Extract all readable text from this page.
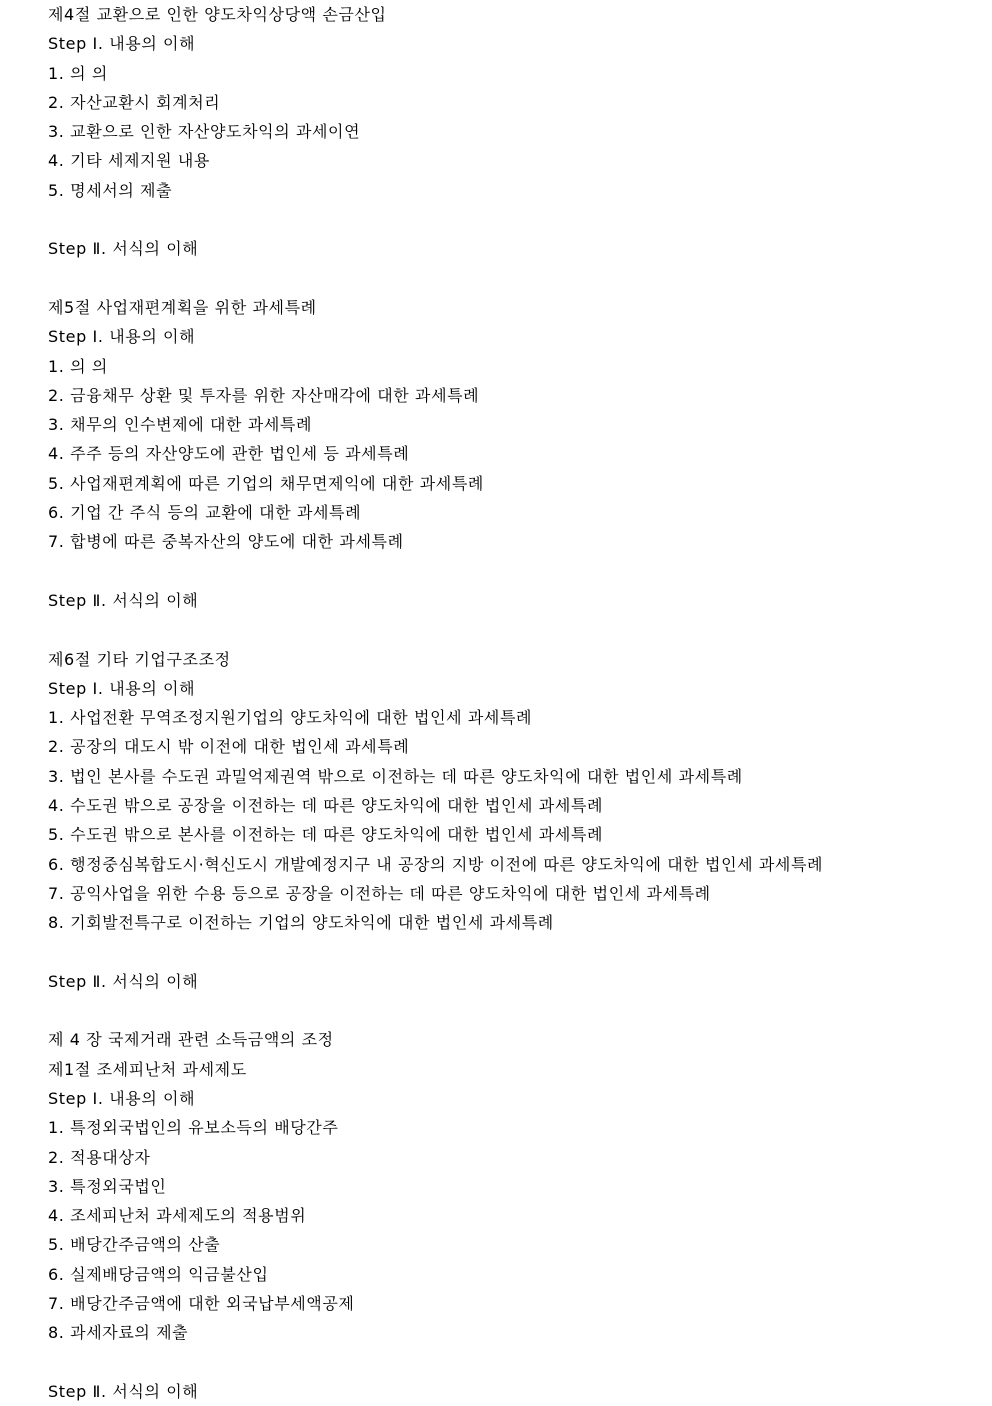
제4절 교환으로 인한 양도차익상당액 손금산입
Step Ⅰ. 내용의 이해
1. 의 의
2. 자산교환시 회계처리
3. 교환으로 인한 자산양도차익의 과세이연
4. 기타 세제지원 내용
5. 명세서의 제출
Step Ⅱ. 서식의 이해
제5절 사업재편계획을 위한 과세특례
Step Ⅰ. 내용의 이해
1. 의 의
2. 금융채무 상환 및 투자를 위한 자산매각에 대한 과세특례
3. 채무의 인수변제에 대한 과세특례
4. 주주 등의 자산양도에 관한 법인세 등 과세특례
5. 사업재편계획에 따른 기업의 채무면제익에 대한 과세특례
6. 기업 간 주식 등의 교환에 대한 과세특례
7. 합병에 따른 중복자산의 양도에 대한 과세특례
Step Ⅱ. 서식의 이해
제6절 기타 기업구조조정
Step Ⅰ. 내용의 이해
1. 사업전환 무역조정지원기업의 양도차익에 대한 법인세 과세특례
2. 공장의 대도시 밖 이전에 대한 법인세 과세특례
3. 법인 본사를 수도권 과밀억제권역 밖으로 이전하는 데 따른 양도차익에 대한 법인세 과세특례
4. 수도권 밖으로 공장을 이전하는 데 따른 양도차익에 대한 법인세 과세특례
5. 수도권 밖으로 본사를 이전하는 데 따른 양도차익에 대한 법인세 과세특례
6. 행정중심복합도시·혁신도시 개발예정지구 내 공장의 지방 이전에 따른 양도차익에 대한 법인세 과세특례
7. 공익사업을 위한 수용 등으로 공장을 이전하는 데 따른 양도차익에 대한 법인세 과세특례
8. 기회발전특구로 이전하는 기업의 양도차익에 대한 법인세 과세특례
Step Ⅱ. 서식의 이해
제 4 장 국제거래 관련 소득금액의 조정
제1절 조세피난처 과세제도
Step Ⅰ. 내용의 이해
1. 특정외국법인의 유보소득의 배당간주
2. 적용대상자
3. 특정외국법인
4. 조세피난처 과세제도의 적용범위
5. 배당간주금액의 산출
6. 실제배당금액의 익금불산입
7. 배당간주금액에 대한 외국납부세액공제
8. 과세자료의 제출
Step Ⅱ. 서식의 이해
